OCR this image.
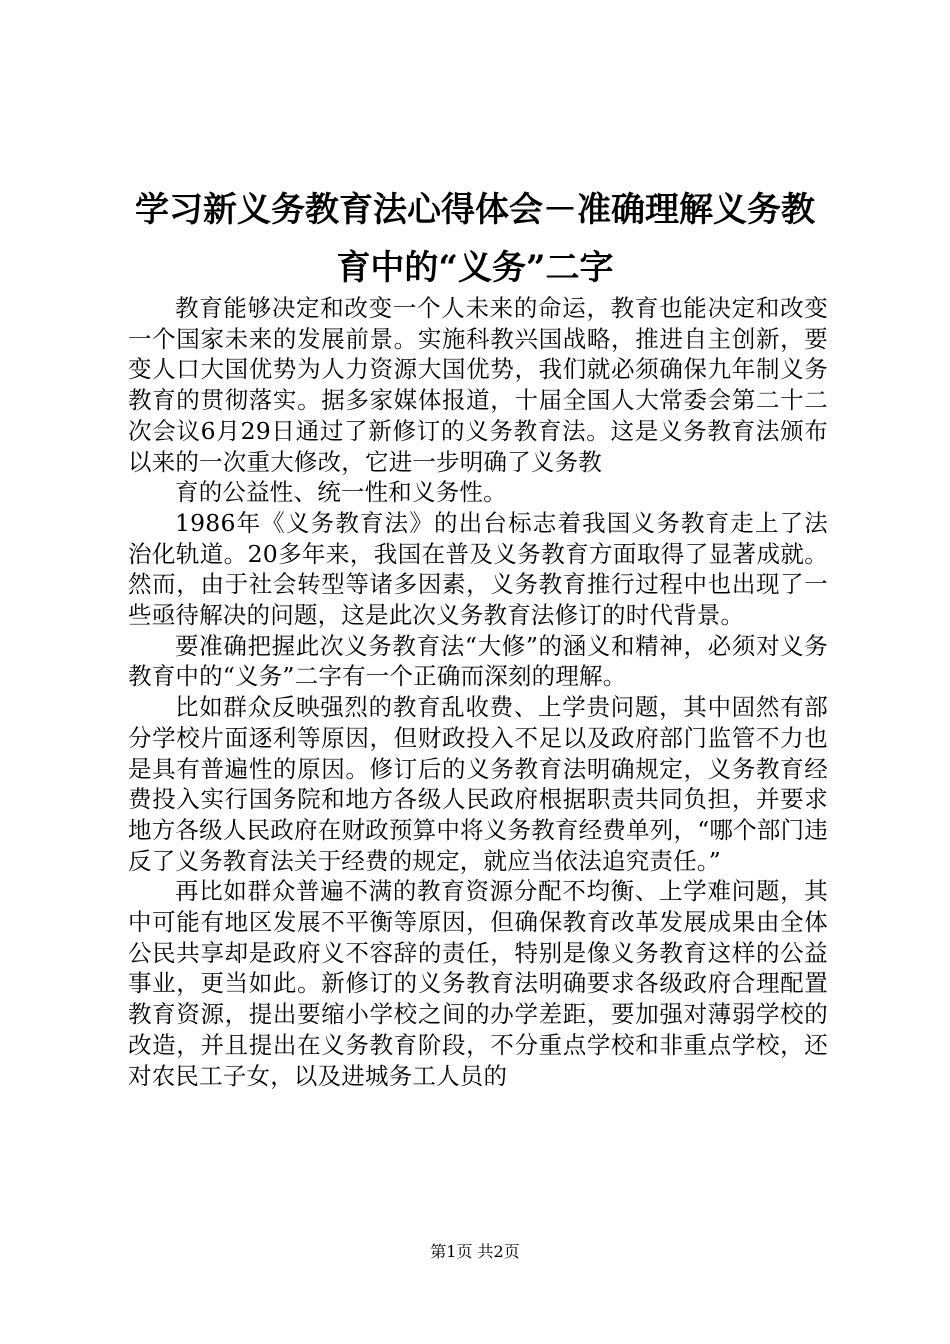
学习新义务教育法心得体会－准确理解义务教
育中的“义务”二字

教育能够决定和改变一个人未来的命运，教育也能决定和改变一个国家未来的发展前景。实施科教兴国战略，推进自主创新，要变人口大国优势为人力资源大国优势，我们就必须确保九年制义务教育的贯彻落实。据多家媒体报道，十届全国人大常委会第二十二次会议6月29日通过了新修订的义务教育法。这是义务教育法颁布以来的一次重大修改，它进一步明确了义务教

育的公益性、统一性和义务性。

1986年《义务教育法》的出台标志着我国义务教育走上了法治化轨道。20多年来，我国在普及义务教育方面取得了显著成就。然而，由于社会转型等诸多因素，义务教育推行过程中也出现了一些亟待解决的问题，这是此次义务教育法修订的时代背景。

要准确把握此次义务教育法“大修”的涵义和精神，必须对义务教育中的“义务”二字有一个正确而深刻的理解。

比如群众反映强烈的教育乱收费、上学贵问题，其中固然有部分学校片面逐利等原因，但财政投入不足以及政府部门监管不力也是具有普遍性的原因。修订后的义务教育法明确规定，义务教育经费投入实行国务院和地方各级人民政府根据职责共同负担，并要求地方各级人民政府在财政预算中将义务教育经费单列，“哪个部门违反了义务教育法关于经费的规定，就应当依法追究责任。”

再比如群众普遍不满的教育资源分配不均衡、上学难问题，其中可能有地区发展不平衡等原因，但确保教育改革发展成果由全体公民共享却是政府义不容辞的责任，特别是像义务教育这样的公益事业，更当如此。新修订的义务教育法明确要求各级政府合理配置教育资源，提出要缩小学校之间的办学差距，要加强对薄弱学校的改造，并且提出在义务教育阶段，不分重点学校和非重点学校，还对农民工子女，以及进城务工人员的

第1页 共2页
